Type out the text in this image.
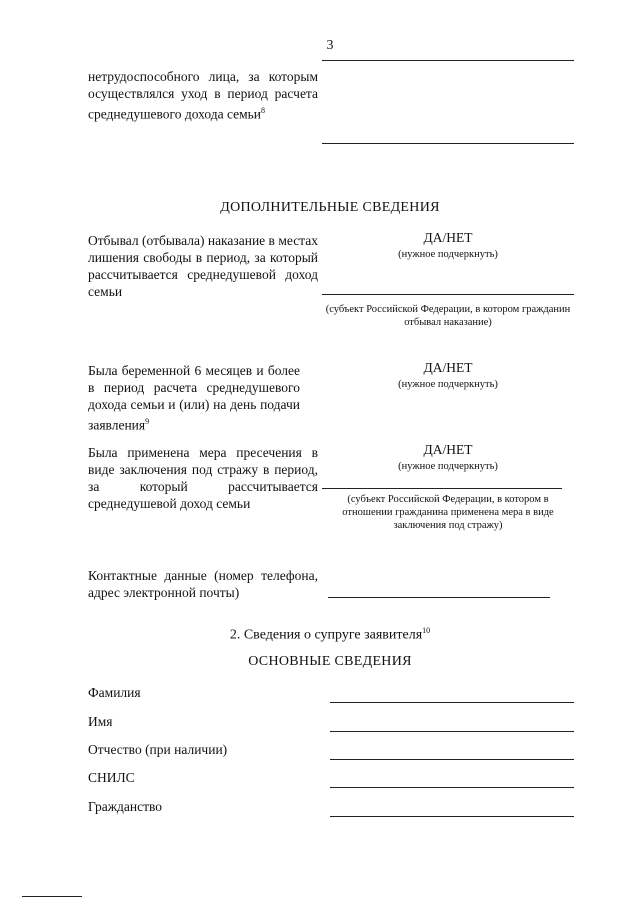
3
нетрудоспособного лица, за которым осуществлялся уход в период расчета среднедушевого дохода семьи$^8$
ДОПОЛНИТЕЛЬНЫЕ СВЕДЕНИЯ
Отбывал (отбывала) наказание в местах лишения свободы в период, за который рассчитывается среднедушевой доход семьи
ДА/НЕТ
(нужное подчеркнуть)
(субъект Российской Федерации, в котором гражданин отбывал наказание)
Была беременной 6 месяцев и более в период расчета среднедушевого дохода семьи и (или) на день подачи заявления$^9$
ДА/НЕТ
(нужное подчеркнуть)
Была применена мера пресечения в виде заключения под стражу в период, за который рассчитывается среднедушевой доход семьи
ДА/НЕТ
(нужное подчеркнуть)
(субъект Российской Федерации, в котором в отношении гражданина применена мера в виде заключения под стражу)
Контактные данные (номер телефона, адрес электронной почты)
2. Сведения о супруге заявителя$^{10}$
ОСНОВНЫЕ СВЕДЕНИЯ
Фамилия
Имя
Отчество (при наличии)
СНИЛС
Гражданство
